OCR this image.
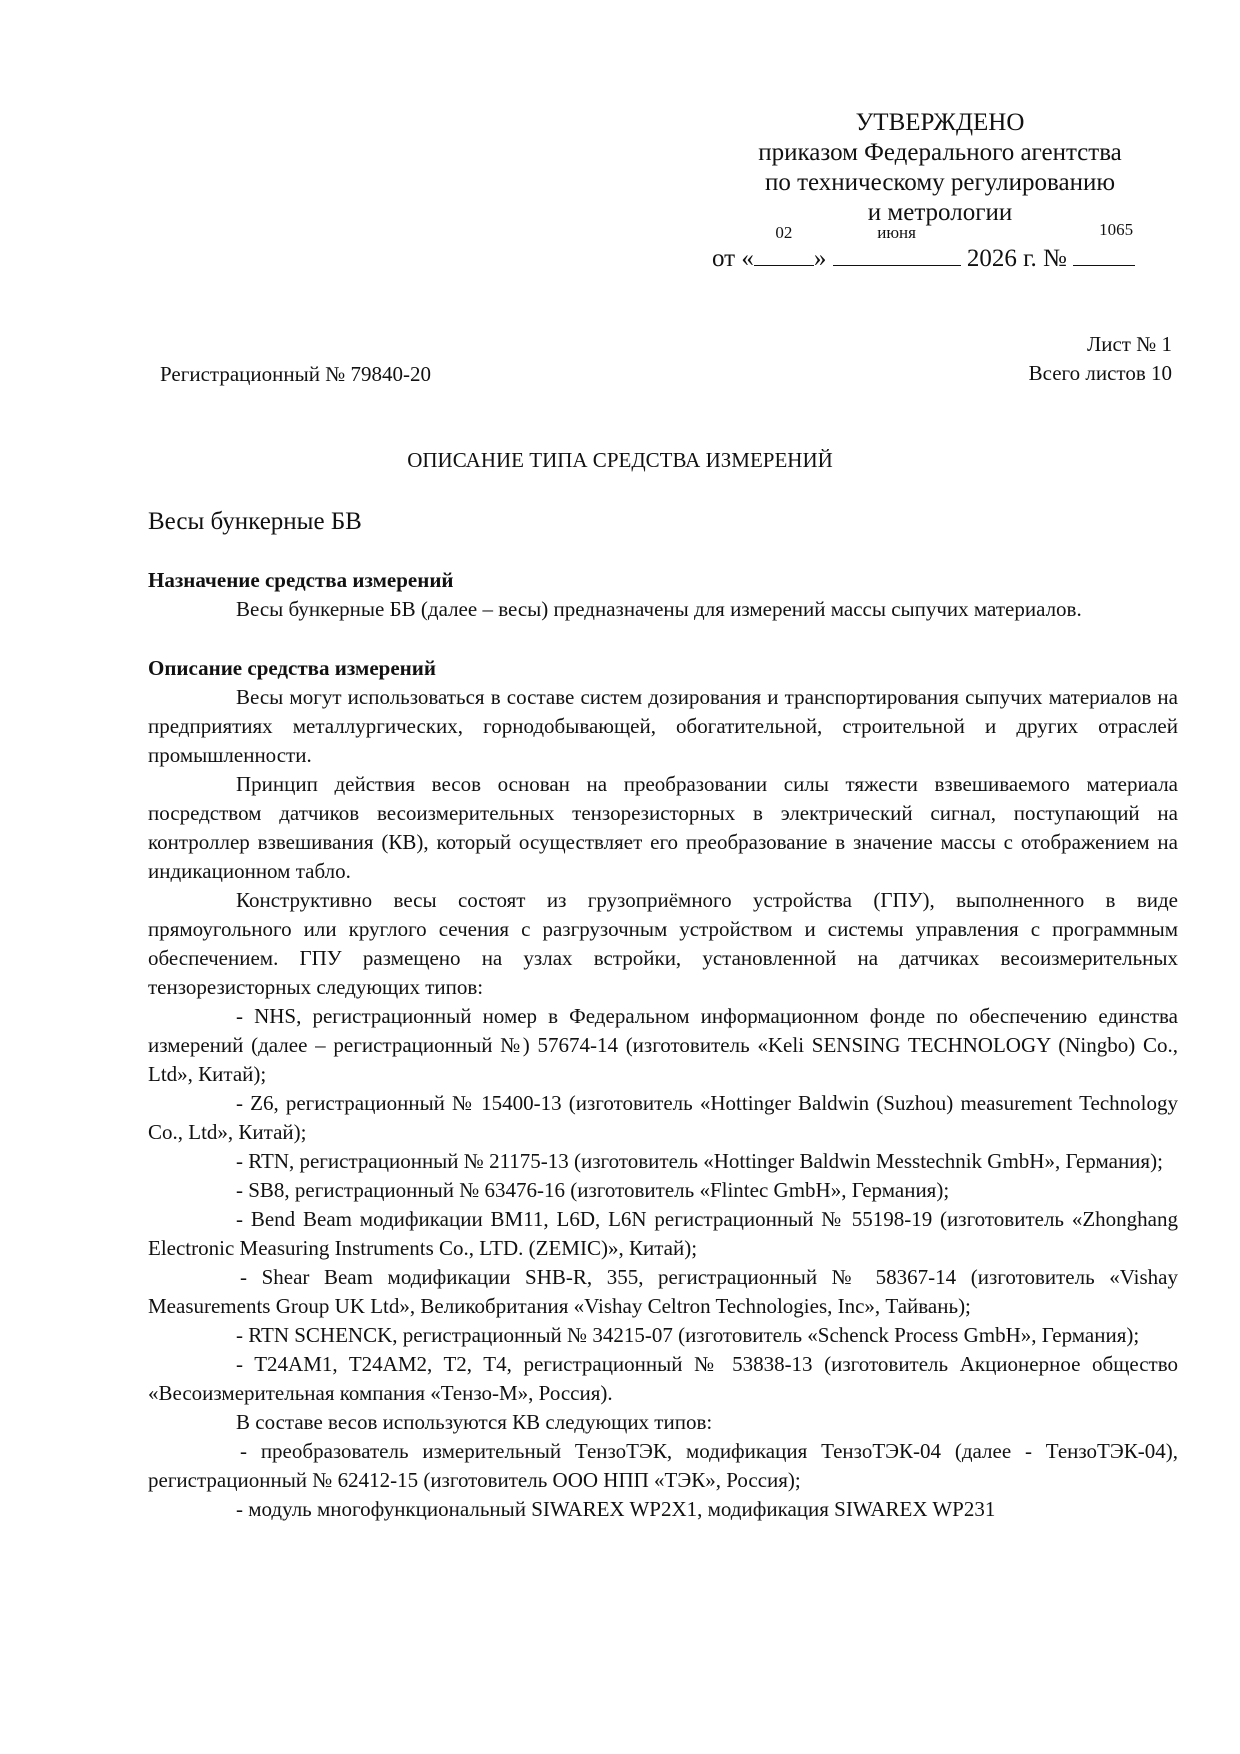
УТВЕРЖДЕНО
приказом Федерального агентства
по техническому регулированию
и метрологии
от «
02
»
июня
2026 г. №
1065
Лист № 1
Всего листов 10
Регистрационный № 79840-20
ОПИСАНИЕ ТИПА СРЕДСТВА ИЗМЕРЕНИЙ
Весы бункерные БВ
Назначение средства измерений

Весы бункерные БВ (далее – весы) предназначены для измерений массы сыпучих материалов.

Описание средства измерений

Весы могут использоваться в составе систем дозирования и транспортирования сыпучих материалов на предприятиях металлургических, горнодобывающей, обогатительной, строительной и других отраслей промышленности.

Принцип действия весов основан на преобразовании силы тяжести взвешиваемого материала посредством датчиков весоизмерительных тензорезисторных в электрический сигнал, поступающий на контроллер взвешивания (КВ), который осуществляет его преобразование в значение массы с отображением на индикационном табло.

Конструктивно весы состоят из грузоприёмного устройства (ГПУ), выполненного в виде прямоугольного или круглого сечения с разгрузочным устройством и системы управления с программным обеспечением. ГПУ размещено на узлах встройки, установленной на датчиках весоизмерительных тензорезисторных следующих типов:

- NHS, регистрационный номер в Федеральном информационном фонде по обеспечению единства измерений (далее – регистрационный №) 57674-14 (изготовитель «Keli SENSING TECHNOLOGY (Ningbo) Co., Ltd», Китай);

- Z6, регистрационный № 15400-13 (изготовитель «Hottinger Baldwin (Suzhou) measurement Technology Co., Ltd», Китай);

- RTN, регистрационный № 21175-13 (изготовитель «Hottinger Baldwin Messtechnik GmbH», Германия);

- SB8, регистрационный № 63476-16 (изготовитель «Flintec GmbH», Германия);

- Bend Beam модификации BM11, L6D, L6N регистрационный № 55198-19 (изготовитель «Zhonghang Electronic Measuring Instruments Co., LTD. (ZEMIC)», Китай);

- Shear Beam модификации SHB-R, 355, регистрационный № 58367-14 (изготовитель «Vishay Measurements Group UK Ltd», Великобритания «Vishay Celtron Technologies, Inc», Тайвань);

- RTN SCHENCK, регистрационный № 34215-07 (изготовитель «Schenck Process GmbH», Германия);

- T24AM1, T24AM2, T2, T4, регистрационный № 53838-13 (изготовитель Акционерное общество «Весоизмерительная компания «Тензо-М», Россия).

В составе весов используются КВ следующих типов:

- преобразователь измерительный ТензоТЭК, модификация ТензоТЭК-04 (далее - ТензоТЭК-04), регистрационный № 62412-15 (изготовитель ООО НПП «ТЭК», Россия);

- модуль многофункциональный SIWAREX WP2X1, модификация SIWAREX WP231
